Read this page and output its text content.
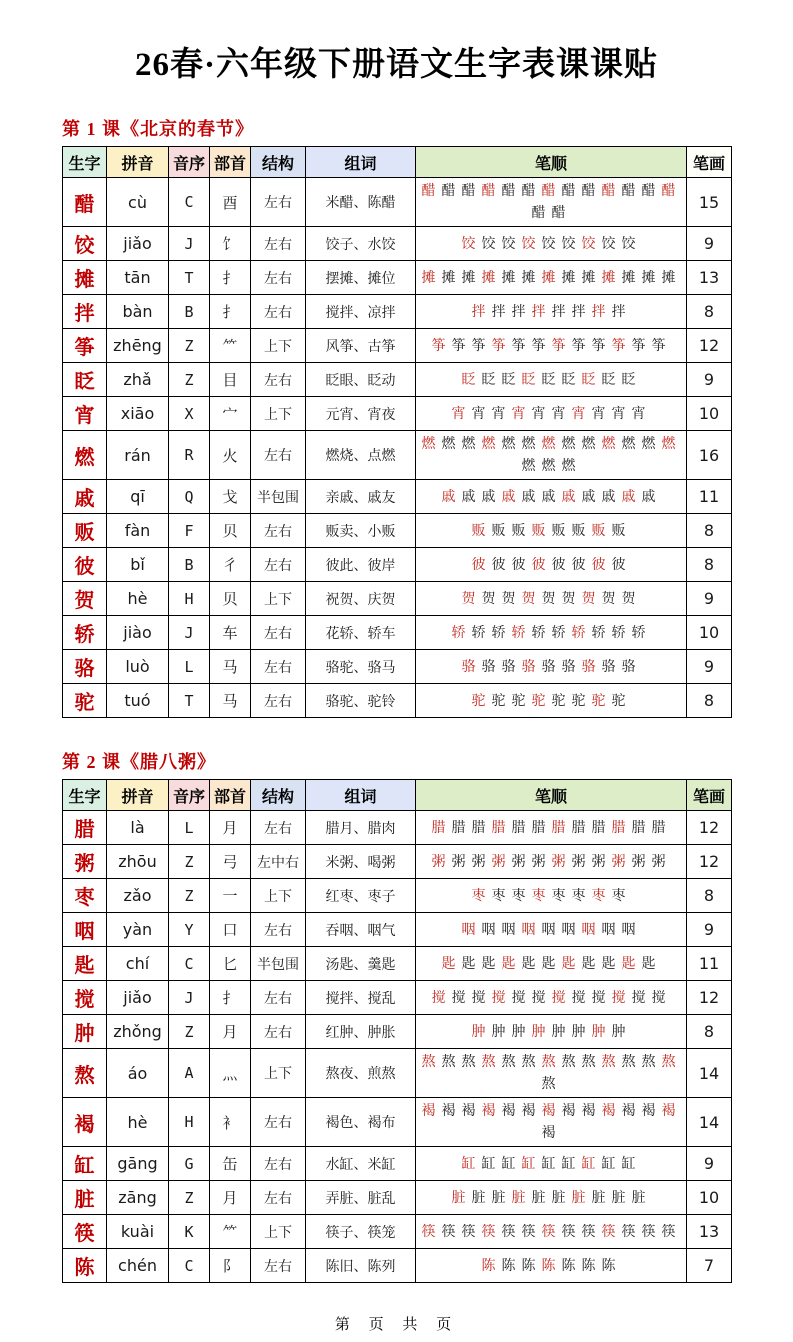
26春·六年级下册语文生字表课课贴
第 1 课《北京的春节》
生字	拼音	音序	部首	结构	组词	笔顺	笔画
醋	cù	C	酉	左右	米醋、陈醋	醋 醋 醋 醋 醋 醋 醋 醋 醋 醋 醋 醋 醋醋 醋	15
饺	jiǎo	J	饣	左右	饺子、水饺	饺 饺 饺 饺 饺 饺 饺 饺 饺	9
摊	tān	T	扌	左右	摆摊、摊位	摊 摊 摊 摊 摊 摊 摊 摊 摊 摊 摊 摊 摊	13
拌	bàn	B	扌	左右	搅拌、凉拌	拌 拌 拌 拌 拌 拌 拌 拌	8
筝	zhēng	Z	⺮	上下	风筝、古筝	筝 筝 筝 筝 筝 筝 筝 筝 筝 筝 筝 筝	12
眨	zhǎ	Z	目	左右	眨眼、眨动	眨 眨 眨 眨 眨 眨 眨 眨 眨	9
宵	xiāo	X	宀	上下	元宵、宵夜	宵 宵 宵 宵 宵 宵 宵 宵 宵 宵	10
燃	rán	R	火	左右	燃烧、点燃	燃 燃 燃 燃 燃 燃 燃 燃 燃 燃 燃 燃 燃燃 燃 燃	16
戚	qī	Q	戈	半包围	亲戚、戚友	戚 戚 戚 戚 戚 戚 戚 戚 戚 戚 戚	11
贩	fàn	F	贝	左右	贩卖、小贩	贩 贩 贩 贩 贩 贩 贩 贩	8
彼	bǐ	B	彳	左右	彼此、彼岸	彼 彼 彼 彼 彼 彼 彼 彼	8
贺	hè	H	贝	上下	祝贺、庆贺	贺 贺 贺 贺 贺 贺 贺 贺 贺	9
轿	jiào	J	车	左右	花轿、轿车	轿 轿 轿 轿 轿 轿 轿 轿 轿 轿	10
骆	luò	L	马	左右	骆驼、骆马	骆 骆 骆 骆 骆 骆 骆 骆 骆	9
驼	tuó	T	马	左右	骆驼、驼铃	驼 驼 驼 驼 驼 驼 驼 驼	8
第 2 课《腊八粥》
生字	拼音	音序	部首	结构	组词	笔顺	笔画
腊	là	L	月	左右	腊月、腊肉	腊 腊 腊 腊 腊 腊 腊 腊 腊 腊 腊 腊	12
粥	zhōu	Z	弓	左中右	米粥、喝粥	粥 粥 粥 粥 粥 粥 粥 粥 粥 粥 粥 粥	12
枣	zǎo	Z	一	上下	红枣、枣子	枣 枣 枣 枣 枣 枣 枣 枣	8
咽	yàn	Y	口	左右	吞咽、咽气	咽 咽 咽 咽 咽 咽 咽 咽 咽	9
匙	chí	C	匕	半包围	汤匙、羹匙	匙 匙 匙 匙 匙 匙 匙 匙 匙 匙 匙	11
搅	jiǎo	J	扌	左右	搅拌、搅乱	搅 搅 搅 搅 搅 搅 搅 搅 搅 搅 搅 搅	12
肿	zhǒng	Z	月	左右	红肿、肿胀	肿 肿 肿 肿 肿 肿 肿 肿	8
熬	áo	A	灬	上下	熬夜、煎熬	熬 熬 熬 熬 熬 熬 熬 熬 熬 熬 熬 熬 熬熬	14
褐	hè	H	衤	左右	褐色、褐布	褐 褐 褐 褐 褐 褐 褐 褐 褐 褐 褐 褐 褐褐	14
缸	gāng	G	缶	左右	水缸、米缸	缸 缸 缸 缸 缸 缸 缸 缸 缸	9
脏	zāng	Z	月	左右	弄脏、脏乱	脏 脏 脏 脏 脏 脏 脏 脏 脏 脏	10
筷	kuài	K	⺮	上下	筷子、筷笼	筷 筷 筷 筷 筷 筷 筷 筷 筷 筷 筷 筷 筷	13
陈	chén	C	阝	左右	陈旧、陈列	陈 陈 陈 陈 陈 陈 陈	7
第 页 共 页
